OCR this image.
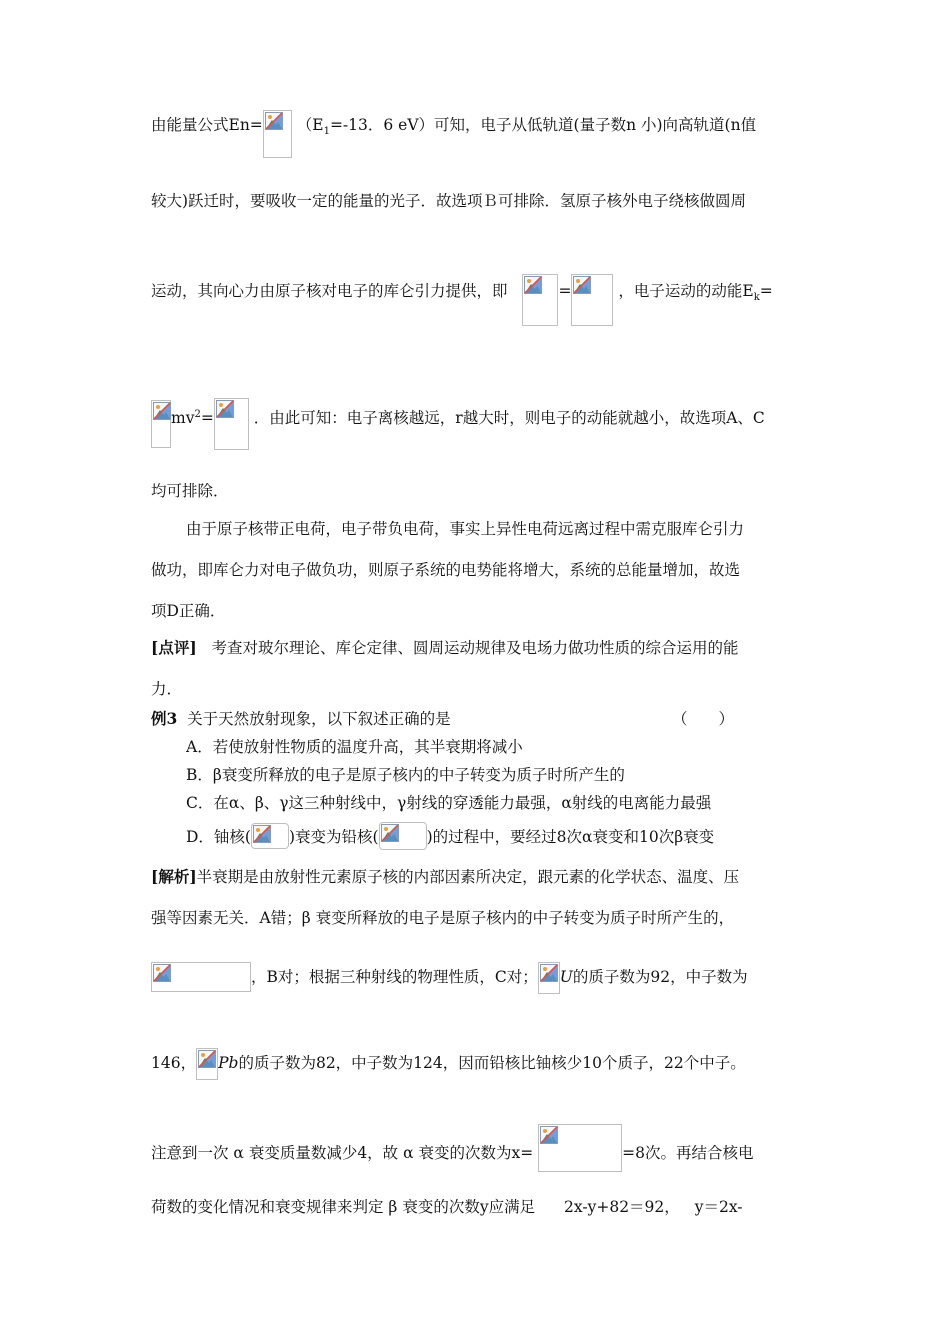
由能量公式$En= (E_1=-13$．6 eV）可知，电子从低轨道(量子数n 小)向高轨道(n值
较大)跃迁时，要吸收一定的能量的光子．故选项Ｂ可排除．氢原子核外电子绕核做圆周
运动，其向心力由原子核对电子的库仑引力提供，即	=	，电子运动的动能$E_k=$
$mv^2=$	．由此可知：电子离核越远，r越大时，则电子的动能就越小，故选项A、C
均可排除．
由于原子核带正电荷，电子带负电荷，事实上异性电荷远离过程中需克服库仑引力
做功，即库仑力对电子做负功，则原子系统的电势能将增大，系统的总能量增加，故选
项D正确．
[点评] 考查对玻尔理论、库仑定律、圆周运动规律及电场力做功性质的综合运用的能
力．
例3 关于天然放射现象，以下叙述正确的是	（　　）
A．若使放射性物质的温度升高，其半衰期将减小
B．β衰变所释放的电子是原子核内的中子转变为质子时所产生的
C．在α、β、γ这三种射线中，γ射线的穿透能力最强，α射线的电离能力最强
D．铀核( )衰变为铅核(	)的过程中，要经过8次α衰变和10次β衰变
[解析]半衰期是由放射性元素原子核的内部因素所决定，跟元素的化学状态、温度、压
强等因素无关．A错；β 衰变所释放的电子是原子核内的中子转变为质子时所产生的，
，B对；根据三种射线的物理性质，C对； U的质子数为92，中子数为
146， Pb的质子数为82，中子数为124，因而铅核比铀核少10个质子，22个中子。
注意到一次 α 衰变质量数减少4，故 α 衰变的次数为x=	=8次。再结合核电
荷数的变化情况和衰变规律来判定 β 衰变的次数y应满足 2x-y+82＝92， y＝2x-
